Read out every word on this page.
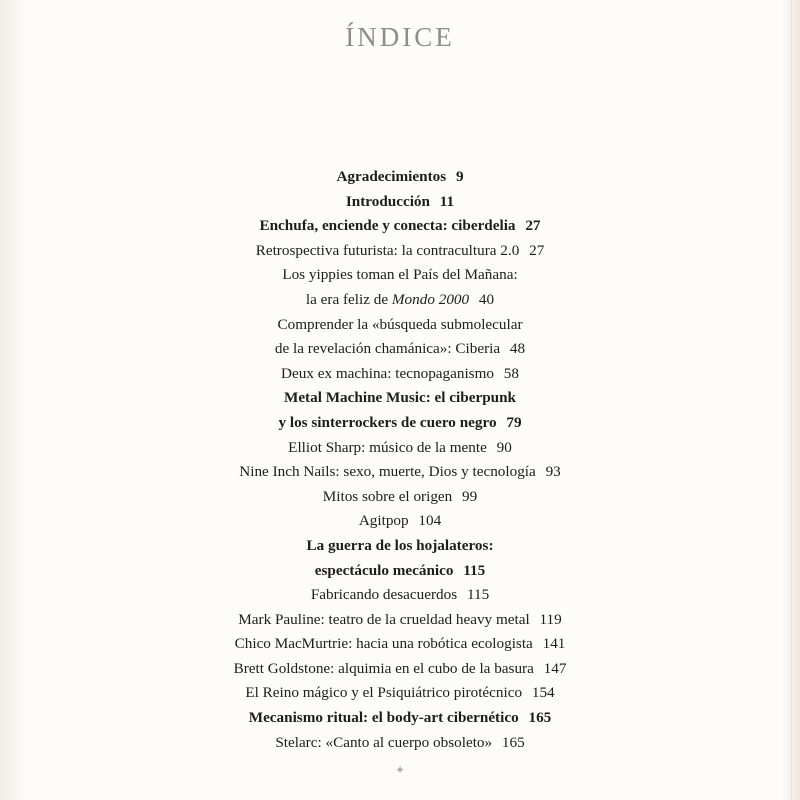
ÍNDICE
Agradecimientos 9
Introducción 11
Enchufa, enciende y conecta: ciberdelia 27
Retrospectiva futurista: la contracultura 2.0 27
Los yippies toman el País del Mañana:
la era feliz de Mondo 2000 40
Comprender la «búsqueda submolecular
de la revelación chamánica»: Ciberia 48
Deux ex machina: tecnopaganismo 58
Metal Machine Music: el ciberpunk
y los sinterrockers de cuero negro 79
Elliot Sharp: músico de la mente 90
Nine Inch Nails: sexo, muerte, Dios y tecnología 93
Mitos sobre el origen 99
Agitpop 104
La guerra de los hojalateros:
espectáculo mecánico 115
Fabricando desacuerdos 115
Mark Pauline: teatro de la crueldad heavy metal 119
Chico MacMurtrie: hacia una robótica ecologista 141
Brett Goldstone: alquimia en el cubo de la basura 147
El Reino mágico y el Psiquiátrico pirotécnico 154
Mecanismo ritual: el body-art cibernético 165
Stelarc: «Canto al cuerpo obsoleto» 165
✦
